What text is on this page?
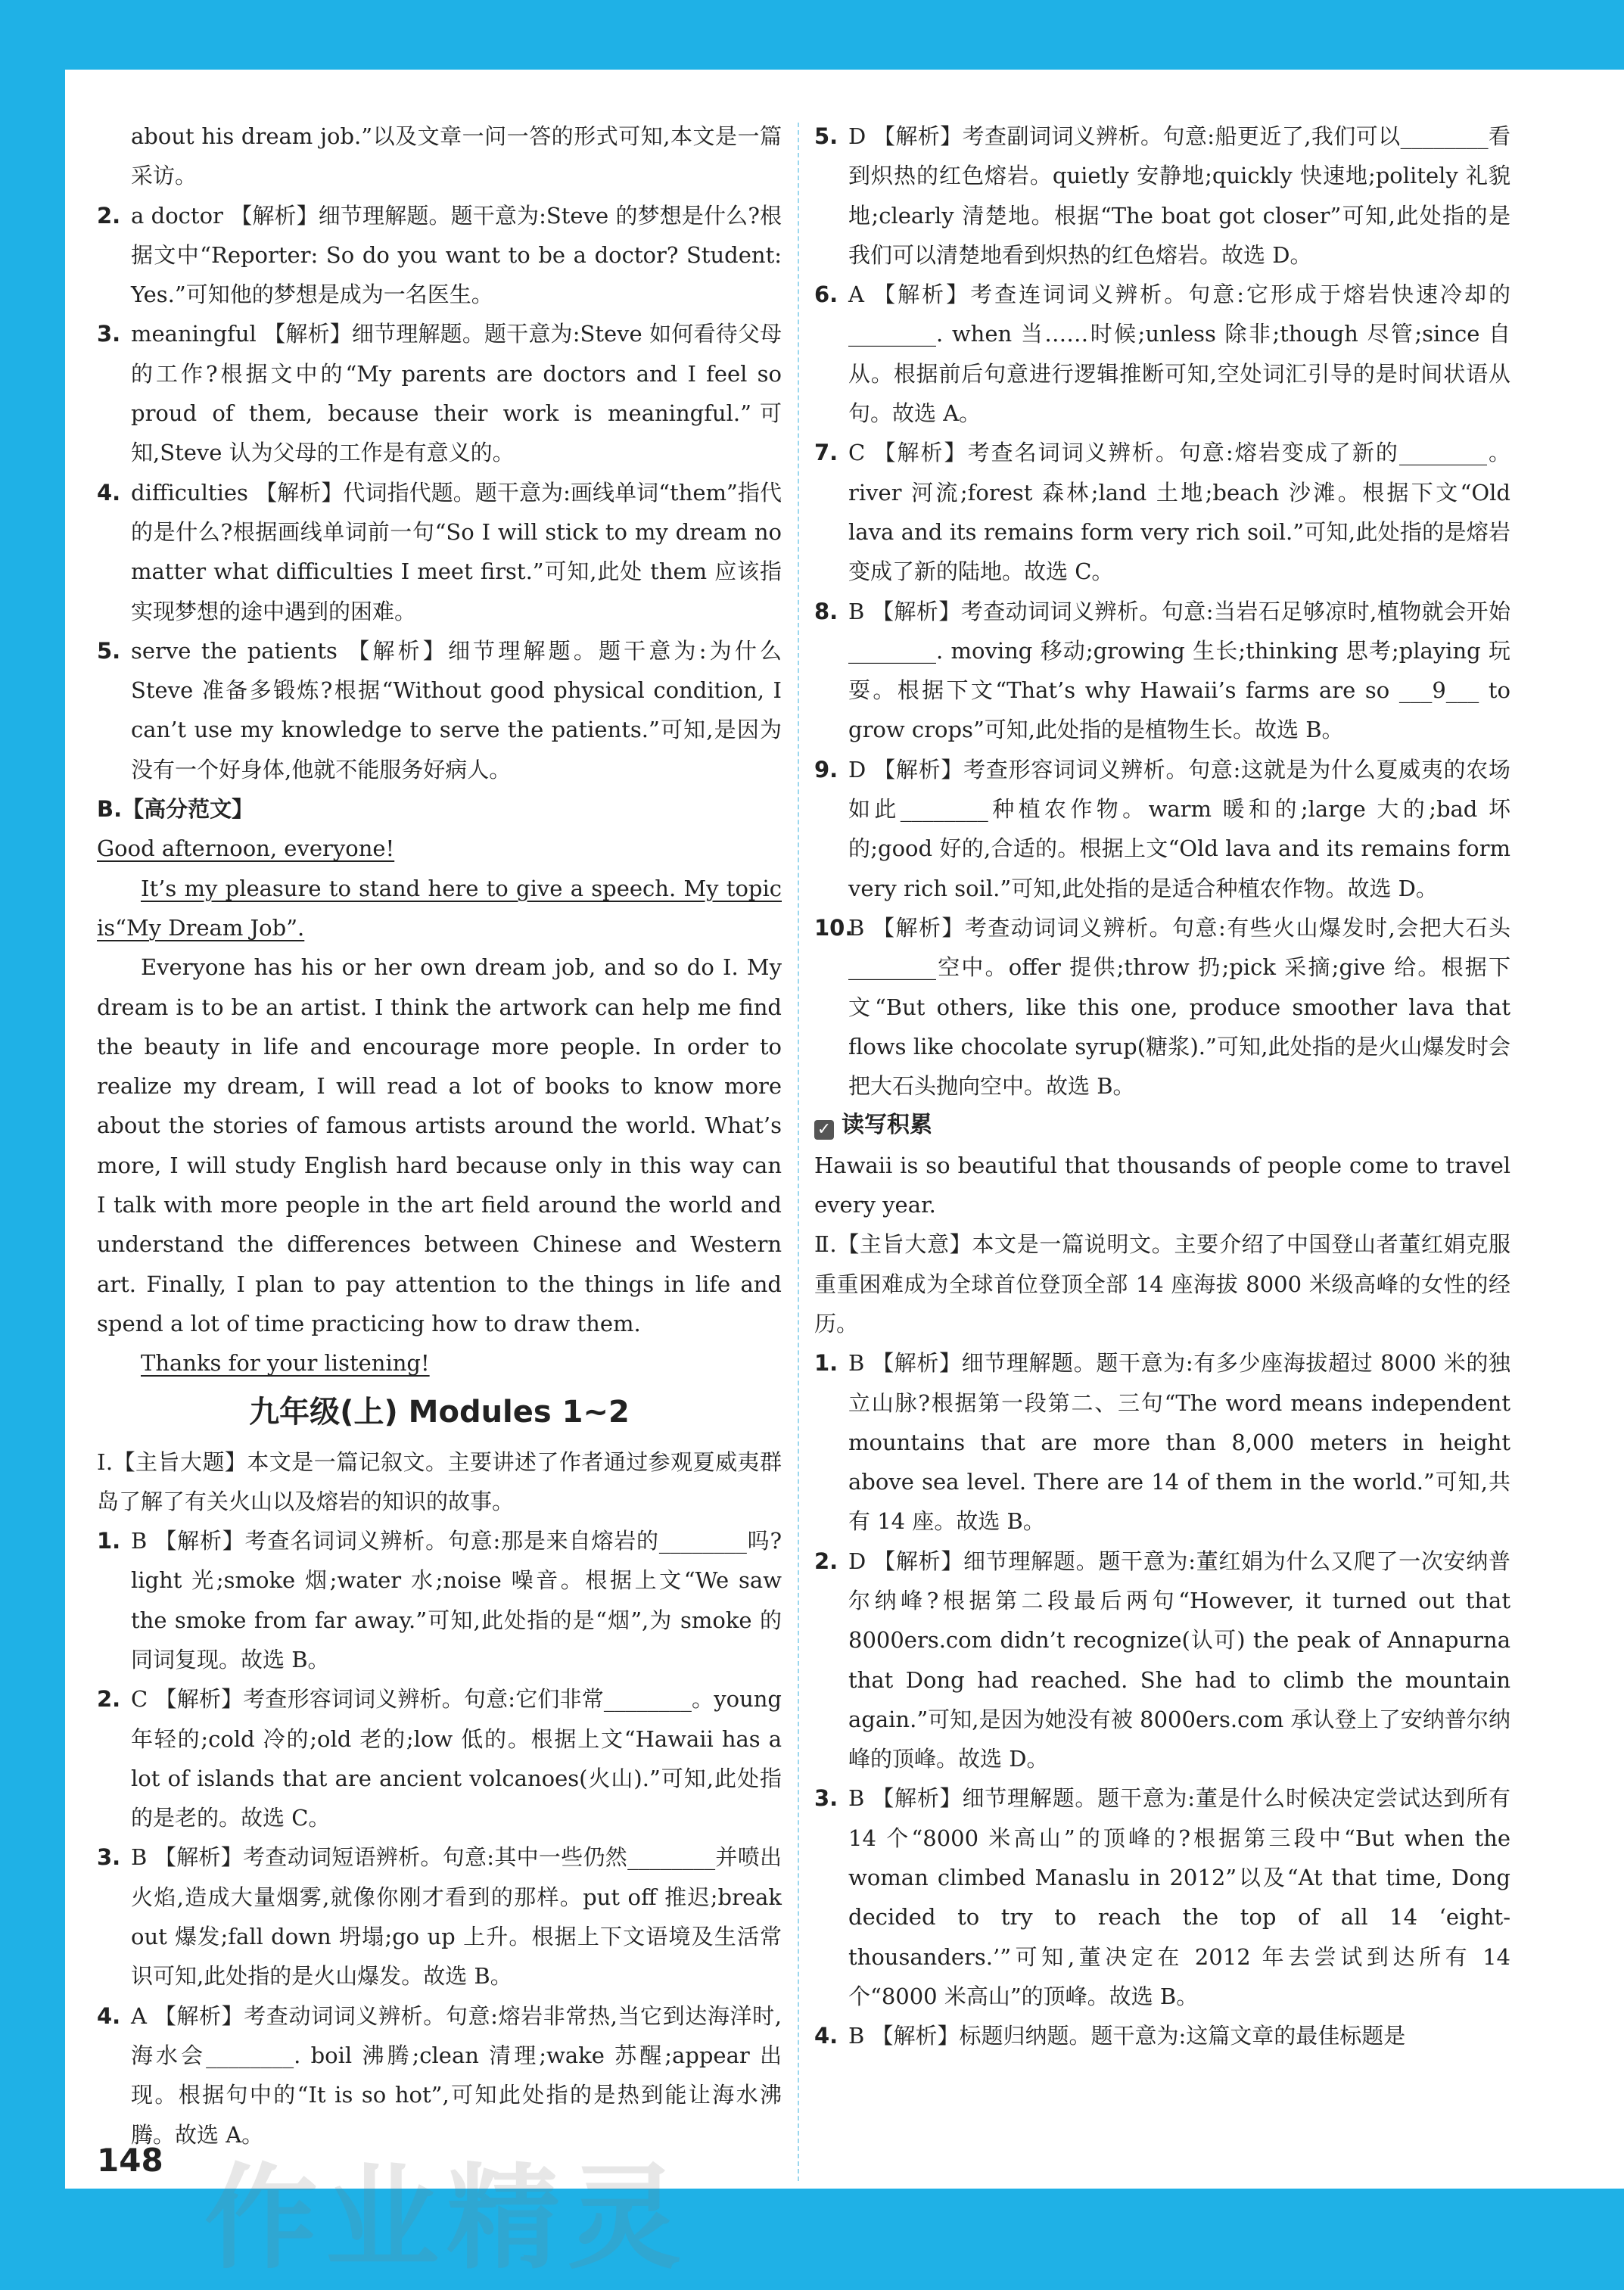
about his dream job.”以及文章一问一答的形式可知,本文是一篇采访。

2. a doctor 【解析】细节理解题。题干意为:Steve 的梦想是什么?根据文中“Reporter: So do you want to be a doctor? Student: Yes.”可知他的梦想是成为一名医生。

3. meaningful 【解析】细节理解题。题干意为:Steve 如何看待父母的工作?根据文中的“My parents are doctors and I feel so proud of them, because their work is meaningful.”可知,Steve 认为父母的工作是有意义的。

4. difficulties 【解析】代词指代题。题干意为:画线单词“them”指代的是什么?根据画线单词前一句“So I will stick to my dream no matter what difficulties I meet first.”可知,此处 them 应该指实现梦想的途中遇到的困难。

5. serve the patients 【解析】细节理解题。题干意为:为什么 Steve 准备多锻炼?根据“Without good physical condition, I can’t use my knowledge to serve the patients.”可知,是因为没有一个好身体,他就不能服务好病人。

B.【高分范文】

Good afternoon, everyone!

It’s my pleasure to stand here to give a speech. My topic is“My Dream Job”.

Everyone has his or her own dream job, and so do I. My dream is to be an artist. I think the artwork can help me find the beauty in life and encourage more people. In order to realize my dream, I will read a lot of books to know more about the stories of famous artists around the world. What’s more, I will study English hard because only in this way can I talk with more people in the art field around the world and understand the differences between Chinese and Western art. Finally, I plan to pay attention to the things in life and spend a lot of time practicing how to draw them.

Thanks for your listening!

九年级(上) Modules 1~2

Ⅰ.【主旨大题】本文是一篇记叙文。主要讲述了作者通过参观夏威夷群岛了解了有关火山以及熔岩的知识的故事。

1. B 【解析】考查名词词义辨析。句意:那是来自熔岩的________吗? light 光;smoke 烟;water 水;noise 噪音。根据上文“We saw the smoke from far away.”可知,此处指的是“烟”,为 smoke 的同词复现。故选 B。

2. C 【解析】考查形容词词义辨析。句意:它们非常________。young 年轻的;cold 冷的;old 老的;low 低的。根据上文“Hawaii has a lot of islands that are ancient volcanoes(火山).”可知,此处指的是老的。故选 C。

3. B 【解析】考查动词短语辨析。句意:其中一些仍然________并喷出火焰,造成大量烟雾,就像你刚才看到的那样。put off 推迟;break out 爆发;fall down 坍塌;go up 上升。根据上下文语境及生活常识可知,此处指的是火山爆发。故选 B。

4. A 【解析】考查动词词义辨析。句意:熔岩非常热,当它到达海洋时,海水会________. boil 沸腾;clean 清理;wake 苏醒;appear 出现。根据句中的“It is so hot”,可知此处指的是热到能让海水沸腾。故选 A。

5. D 【解析】考查副词词义辨析。句意:船更近了,我们可以________看到炽热的红色熔岩。quietly 安静地;quickly 快速地;politely 礼貌地;clearly 清楚地。根据“The boat got closer”可知,此处指的是我们可以清楚地看到炽热的红色熔岩。故选 D。

6. A 【解析】考查连词词义辨析。句意:它形成于熔岩快速冷却的________. when 当……时候;unless 除非;though 尽管;since 自从。根据前后句意进行逻辑推断可知,空处词汇引导的是时间状语从句。故选 A。

7. C 【解析】考查名词词义辨析。句意:熔岩变成了新的________。river 河流;forest 森林;land 土地;beach 沙滩。根据下文“Old lava and its remains form very rich soil.”可知,此处指的是熔岩变成了新的陆地。故选 C。

8. B 【解析】考查动词词义辨析。句意:当岩石足够凉时,植物就会开始________. moving 移动;growing 生长;thinking 思考;playing 玩耍。根据下文“That’s why Hawaii’s farms are so ___9___ to grow crops”可知,此处指的是植物生长。故选 B。

9. D 【解析】考查形容词词义辨析。句意:这就是为什么夏威夷的农场如此________种植农作物。warm 暖和的;large 大的;bad 坏的;good 好的,合适的。根据上文“Old lava and its remains form very rich soil.”可知,此处指的是适合种植农作物。故选 D。

10.
B 【解析】考查动词词义辨析。句意:有些火山爆发时,会把大石头________空中。offer 提供;throw 扔;pick 采摘;give 给。根据下文“But others, like this one, produce smoother lava that flows like chocolate syrup(糖浆).”可知,此处指的是火山爆发时会把大石头抛向空中。故选 B。

✓ 读写积累

Hawaii is so beautiful that thousands of people come to travel every year.

Ⅱ.【主旨大意】本文是一篇说明文。主要介绍了中国登山者董红娟克服重重困难成为全球首位登顶全部 14 座海拔 8000 米级高峰的女性的经历。

1. B 【解析】细节理解题。题干意为:有多少座海拔超过 8000 米的独立山脉?根据第一段第二、三句“The word means independent mountains that are more than 8,000 meters in height above sea level. There are 14 of them in the world.”可知,共有 14 座。故选 B。

2. D 【解析】细节理解题。题干意为:董红娟为什么又爬了一次安纳普尔纳峰?根据第二段最后两句“However, it turned out that 8000ers.com didn’t recognize(认可) the peak of Annapurna that Dong had reached. She had to climb the mountain again.”可知,是因为她没有被 8000ers.com 承认登上了安纳普尔纳峰的顶峰。故选 D。

3. B 【解析】细节理解题。题干意为:董是什么时候决定尝试达到所有 14 个“8000 米高山”的顶峰的?根据第三段中“But when the woman climbed Manaslu in 2012”以及“At that time, Dong decided to try to reach the top of all 14 ‘eight-thousanders.’”可知,董决定在 2012 年去尝试到达所有 14 个“8000 米高山”的顶峰。故选 B。

4. B 【解析】标题归纳题。题干意为:这篇文章的最佳标题是

148 作业精灵
